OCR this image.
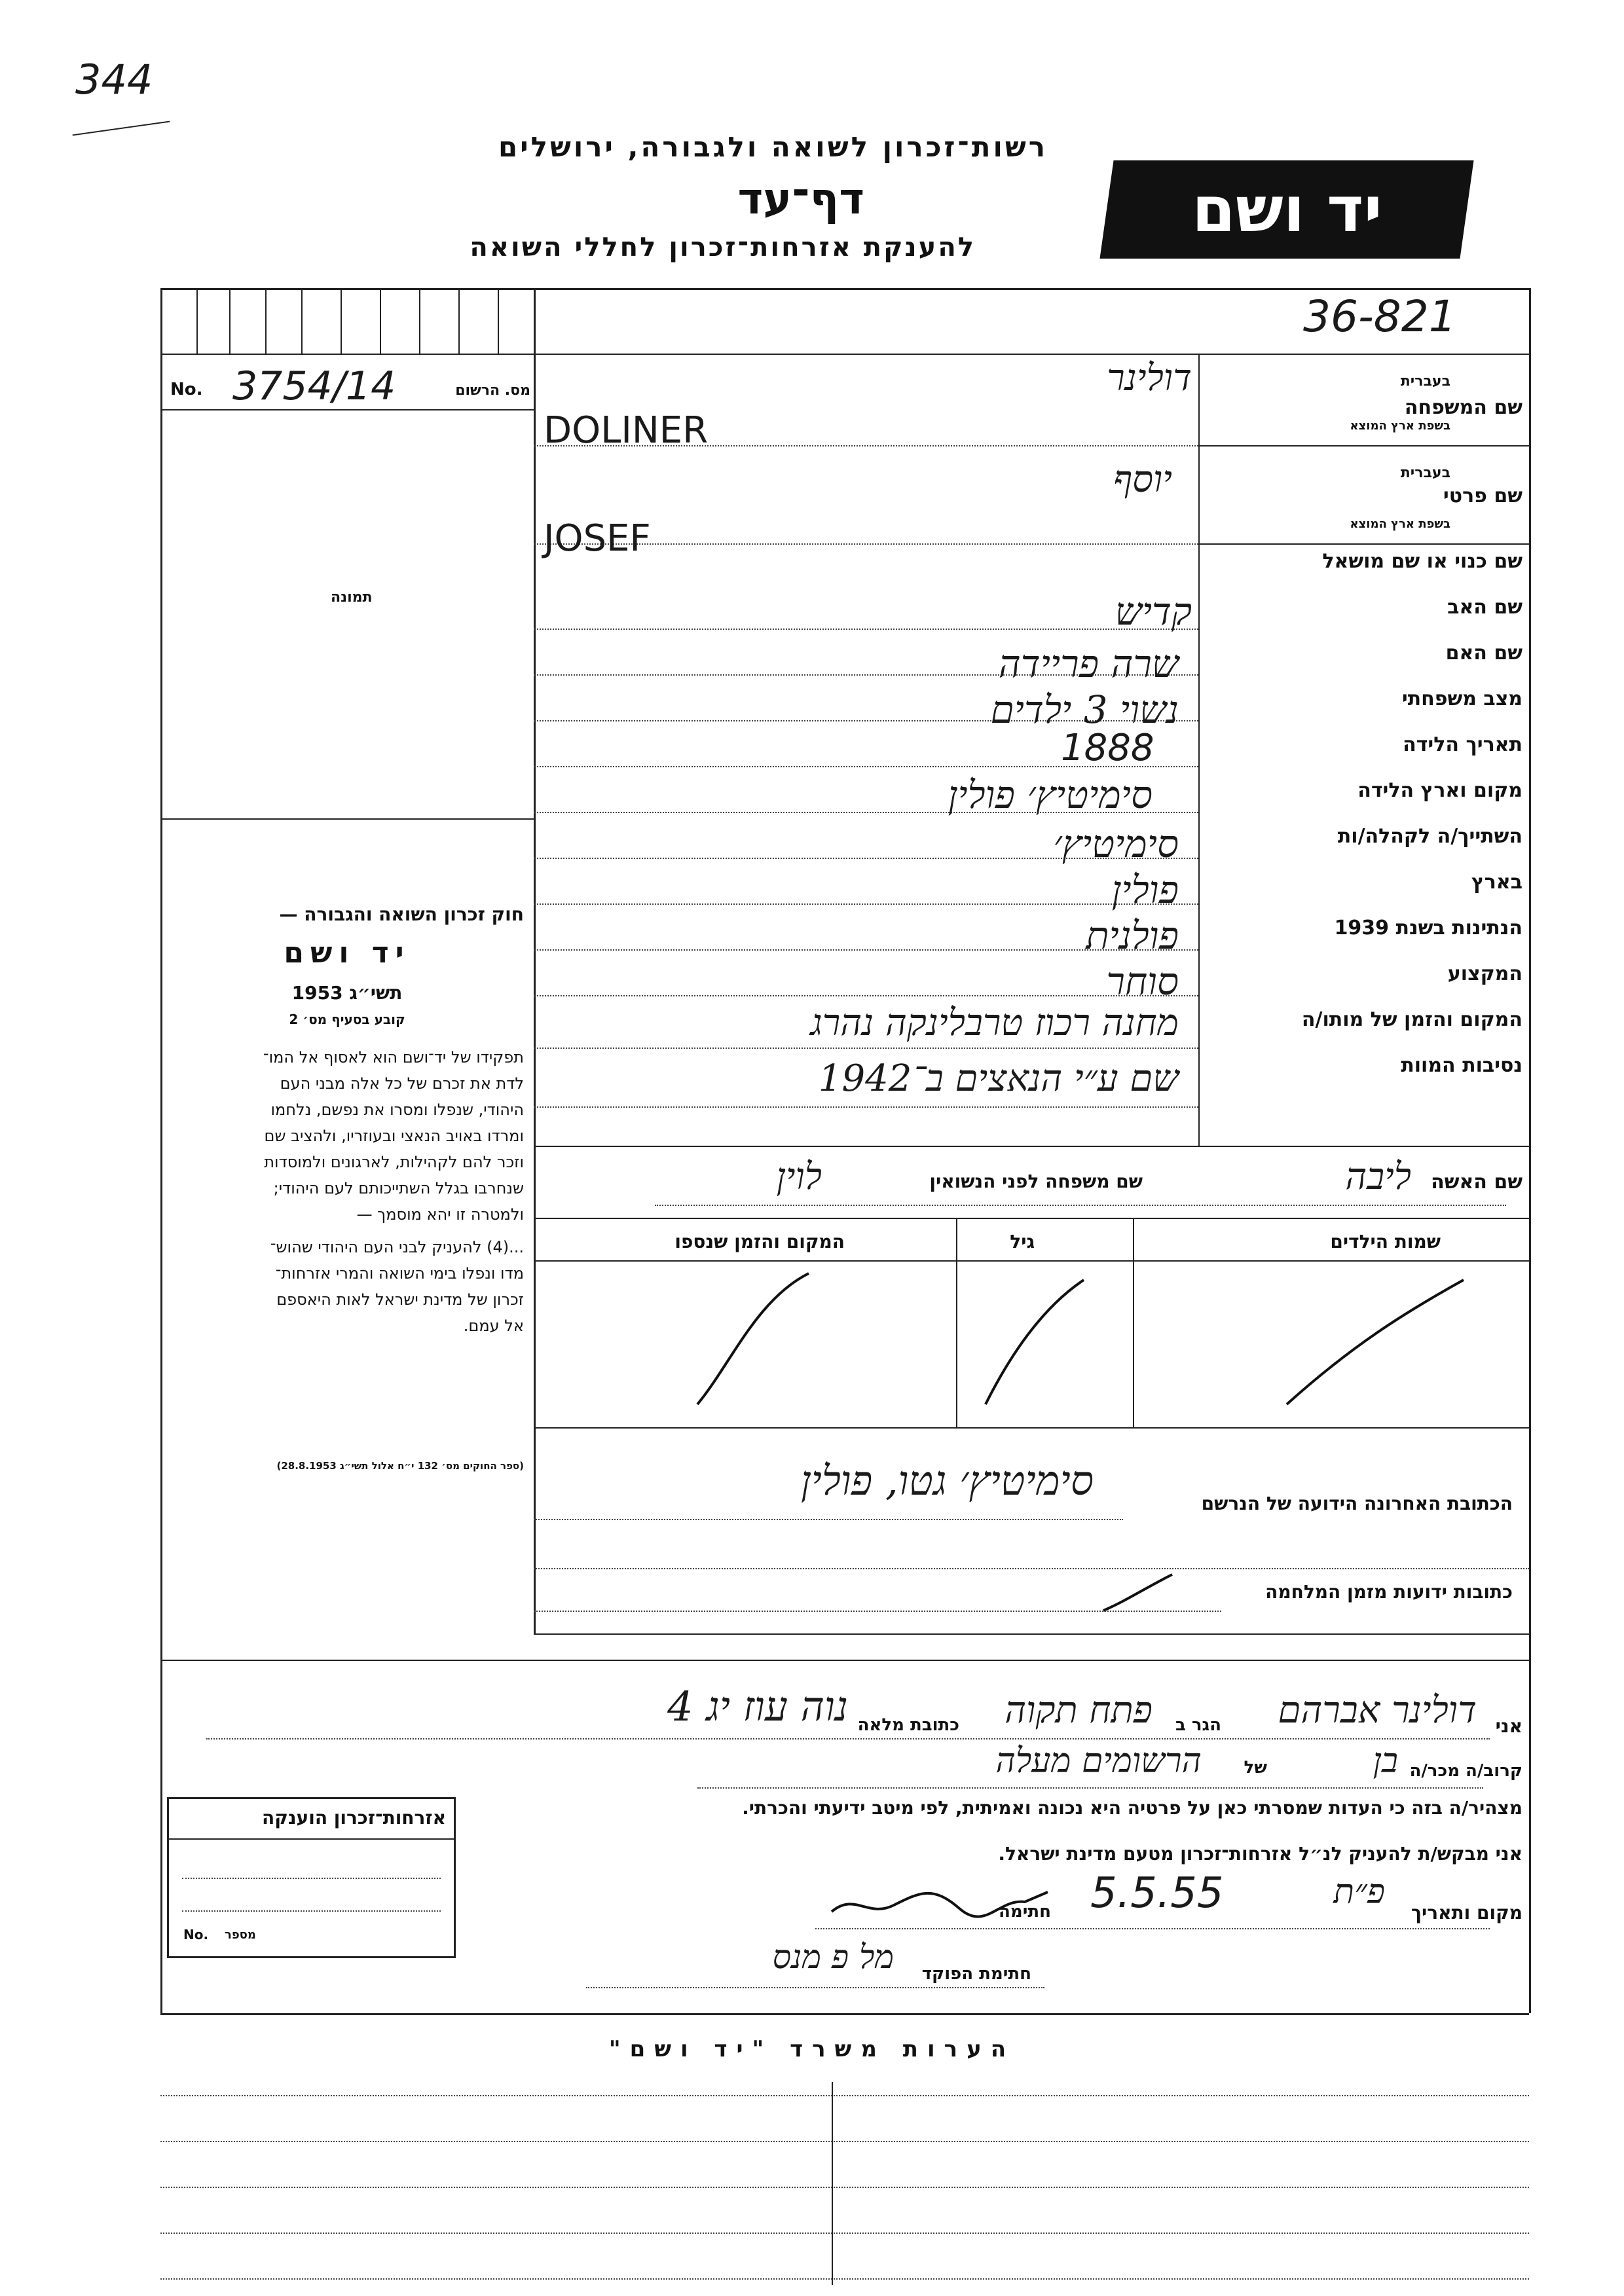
344
רשות־זכרון לשואה ולגבורה, ירושלים
דף־עד
להענקת אזרחות־זכרון לחללי השואה
יד ושם
36-821
No. 3754/14	מס. הרשום
תמונה
בעברית
שם המשפחה
בשפת ארץ המוצא
בעברית
שם פרטי
בשפת ארץ המוצא
שם כנוי או שם מושאל
שם האב
שם האם
מצב משפחתי
תאריך הלידה
מקום וארץ הלידה
השתייך/ה לקהלה/ות
בארץ
הנתינות בשנת 1939
המקצוע
המקום והזמן של מותו/ה
נסיבות המוות
דולינר
DOLINER
יוסף
JOSEF
קדיש
שרה פריידה
נשוי 3 ילדים
1888
סימיטיץ׳ פולין
סימיטיץ׳
פולין
פולנית
סוחר
מחנה רכוז טרבלינקה נהרג
שם ע״י הנאצים ב־1942
חוק זכרון השואה והגבורה —
יד ושם
תשי״ג 1953
קובע בסעיף מס׳ 2
תפקידו של יד־ושם הוא לאסוף אל המו־
לדת את זכרם של כל אלה מבני העם
היהודי, שנפלו ומסרו את נפשם, נלחמו
ומרדו באויב הנאצי ובעוזריו, ולהציב שם
וזכר להם לקהילות, לארגונים ולמוסדות
שנחרבו בגלל השתייכותם לעם היהודי;
ולמטרה זו יהא מוסמך —
...(4) להעניק לבני העם היהודי שהוש־
מדו ונפלו בימי השואה והמרי אזרחות־
זכרון של מדינת ישראל לאות היאספם
אל עמם.
(ספר החוקים מס׳ 132 י״ח אלול תשי״ג 28.8.1953)
שם האשה
ליבה
שם משפחה לפני הנשואין
לוין
שמות הילדים
גיל
המקום והזמן שנספו
הכתובת האחרונה הידועה של הנרשם
סימיטיץ׳ גטו, פולין
כתובות ידועות מזמן המלחמה
אני
דולינר אברהם
הגר ב
פתח תקוה
כתובת מלאה
נוה עוז יג 4
קרוב/ה מכר/ה
בן
של
הרשומים מעלה
מצהיר/ה בזה כי העדות שמסרתי כאן על פרטיה היא נכונה ואמיתית, לפי מיטב ידיעתי והכרתי.
אני מבקש/ת להעניק לנ״ל אזרחות־זכרון מטעם מדינת ישראל.
מקום ותאריך
פ״ת
5.5.55
חתימה
חתימת הפוקד
מל פ מנס
אזרחות־זכרון הוענקה
No. מספר
הערות משרד "יד ושם"
